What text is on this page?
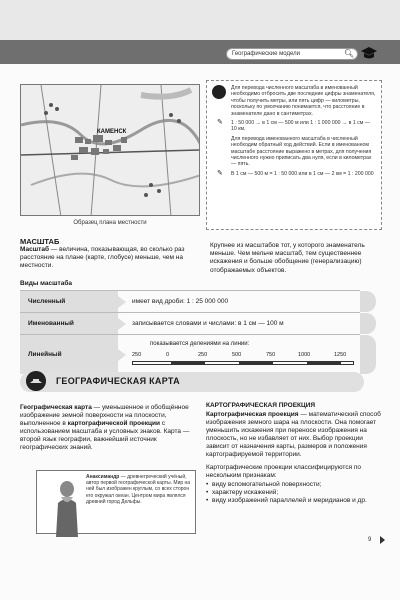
Географические модели	🔍︎
КАМЕНСК
Образец плана местности

Для перевода численного масштаба в именованный необходимо отбросить две последние цифры знаменателя, чтобы получить метры, или пять цифр — километры, поскольку по умолчанию понимается, что расстояние в знаменателе дано в сантиметрах.

✎ 1 : 50 000 → в 1 см — 500 м или 1 : 1 000 000 → в 1 см — 10 км.

Для перевода именованного масштаба в численный необходим обратный ход действий. Если в именованном масштабе расстояние выражено в метрах, для получения численного нужно приписать два нуля, если в километрах — пять.

✎ В 1 см — 500 м = 1 : 50 000 или в 1 см — 2 км = 1 : 200 000

МАСШТАБ

Масштаб — величина, показывающая, во сколько раз расстояние на плане (карте, глобусе) меньше, чем на местности.

Крупнее из масштабов тот, у которого знаменатель меньше. Чем мельче масштаб, тем существеннее искажения и больше обобщение (генерализацию) отображаемых объектов.

Виды масштаба
Численный	имеет вид дроби: 1 : 25 000 000
Именованный	записывается словами и числами: в 1 см — 100 м
Линейный
показывается делениями на линии:
250	0	250	500	750	1000	1250
ГЕОГРАФИЧЕСКАЯ КАРТА

Географическая карта — уменьшенное и обобщённое изображение земной поверхности на плоскости, выполненное в картографической проекции с использованием масштаба и условных знаков. Карта — второй язык географии, важнейший источник географических знаний.

Анаксимандр — древнегреческий учёный, автор первой географической карты. Мир на ней был изображен круглым, со всех сторон его окружал океан. Центром мира являлся древний город Дельфы.

КАРТОГРАФИЧЕСКАЯ ПРОЕКЦИЯ

Картографическая проекция — математический способ изображения земного шара на плоскости. Она помогает уменьшить искажения при переносе изображения на плоскость, но не избавляет от них. Выбор проекции зависит от назначения карты, размеров и положения картографируемой территории.

Картографические проекции классифицируются по нескольким признакам:

• виду вспомогательной поверхности;
• характеру искажений;
• виду изображений параллелей и меридианов и др.
9
